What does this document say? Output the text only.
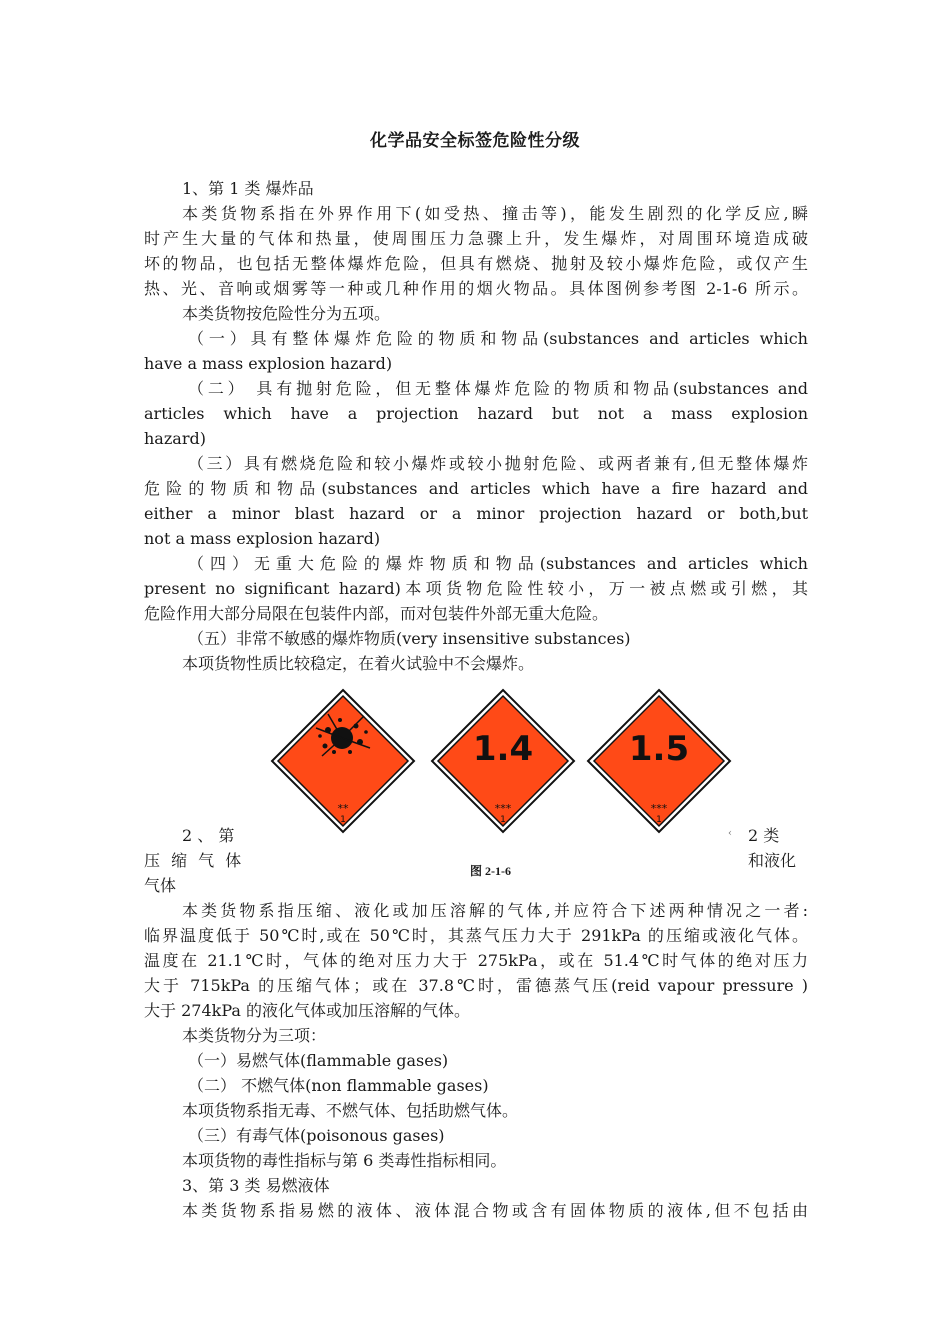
化学品安全标签危险性分级
1、第 1 类 爆炸品
本类货物系指在外界作用下(如受热、撞击等)，能发生剧烈的化学反应,瞬
时产生大量的气体和热量，使周围压力急骤上升，发生爆炸，对周围环境造成破
坏的物品，也包括无整体爆炸危险，但具有燃烧、抛射及较小爆炸危险，或仅产生
热、光、音响或烟雾等一种或几种作用的烟火物品。具体图例参考图 2-1-6 所示。
本类货物按危险性分为五项。
（一）具有整体爆炸危险的物质和物品(substances and articles which
have a mass explosion hazard)
（二） 具有抛射危险，但无整体爆炸危险的物质和物品(substances and
articles which have a projection hazard but not a mass explosion
hazard)
（三）具有燃烧危险和较小爆炸或较小抛射危险、或两者兼有,但无整体爆炸
危险的物质和物品(substances and articles which have a fire hazard and
either a minor blast hazard or a minor projection hazard or both,but
not a mass explosion hazard)
（四）无重大危险的爆炸物质和物品(substances and articles which
present no significant hazard)本项货物危险性较小，万一被点燃或引燃，其
危险作用大部分局限在包装件内部，而对包装件外部无重大危险。
（五）非常不敏感的爆炸物质(very insensitive substances)
本项货物性质比较稳定，在着火试验中不会爆炸。
**
1
1.4
***
1
1.5
***
1
图 2-1-6
2 、 第
压 缩 气 体
气体
‹ 2 类
和液化
本类货物系指压缩、液化或加压溶解的气体,并应符合下述两种情况之一者:
临界温度低于 50℃时,或在 50℃时，其蒸气压力大于 291kPa 的压缩或液化气体。
温度在 21.1℃时，气体的绝对压力大于 275kPa，或在 51.4℃时气体的绝对压力
大于 715kPa 的压缩气体；或在 37.8℃时，雷德蒸气压(reid vapour pressure )
大于 274kPa 的液化气体或加压溶解的气体。
本类货物分为三项：
（一）易燃气体(flammable gases)
（二） 不燃气体(non flammable gases)
本项货物系指无毒、不燃气体、包括助燃气体。
（三）有毒气体(poisonous gases)
本项货物的毒性指标与第 6 类毒性指标相同。
3、第 3 类 易燃液体
本类货物系指易燃的液体、液体混合物或含有固体物质的液体,但不包括由
